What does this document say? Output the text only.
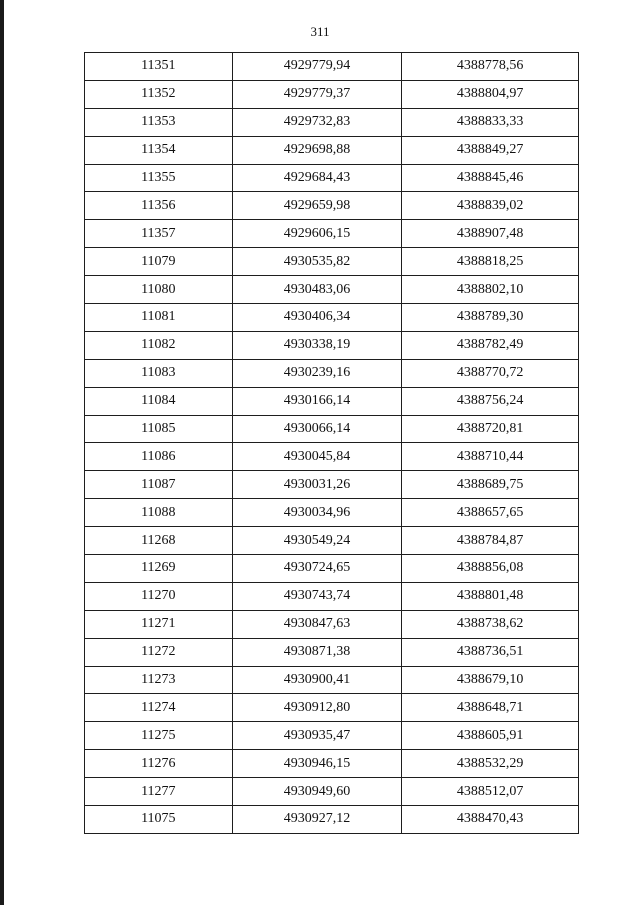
311
11351	4929779,94	4388778,56
11352	4929779,37	4388804,97
11353	4929732,83	4388833,33
11354	4929698,88	4388849,27
11355	4929684,43	4388845,46
11356	4929659,98	4388839,02
11357	4929606,15	4388907,48
11079	4930535,82	4388818,25
11080	4930483,06	4388802,10
11081	4930406,34	4388789,30
11082	4930338,19	4388782,49
11083	4930239,16	4388770,72
11084	4930166,14	4388756,24
11085	4930066,14	4388720,81
11086	4930045,84	4388710,44
11087	4930031,26	4388689,75
11088	4930034,96	4388657,65
11268	4930549,24	4388784,87
11269	4930724,65	4388856,08
11270	4930743,74	4388801,48
11271	4930847,63	4388738,62
11272	4930871,38	4388736,51
11273	4930900,41	4388679,10
11274	4930912,80	4388648,71
11275	4930935,47	4388605,91
11276	4930946,15	4388532,29
11277	4930949,60	4388512,07
11075	4930927,12	4388470,43
